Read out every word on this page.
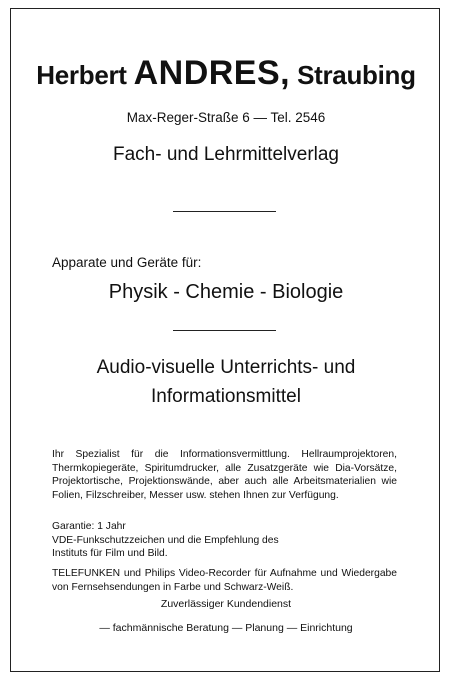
Herbert ANDRES, Straubing
Max-Reger-Straße 6 — Tel. 2546
Fach- und Lehrmittelverlag
Apparate und Geräte für:
Physik - Chemie - Biologie
Audio-visuelle Unterrichts- und
Informationsmittel
Ihr Spezialist für die Informationsvermittlung. Hellraumprojektoren, Thermkopiegeräte, Spiritumdrucker, alle Zusatzgeräte wie Dia-Vorsätze, Projektortische, Projektionswände, aber auch alle Arbeitsmaterialien wie Folien, Filzschreiber, Messer usw. stehen Ihnen zur Verfügung.
Garantie: 1 Jahr
VDE-Funkschutzzeichen und die Empfehlung des
Instituts für Film und Bild.
TELEFUNKEN und Philips Video-Recorder für Aufnahme und Wiedergabe von Fernsehsendungen in Farbe und Schwarz-Weiß.
Zuverlässiger Kundendienst
— fachmännische Beratung — Planung — Einrichtung
